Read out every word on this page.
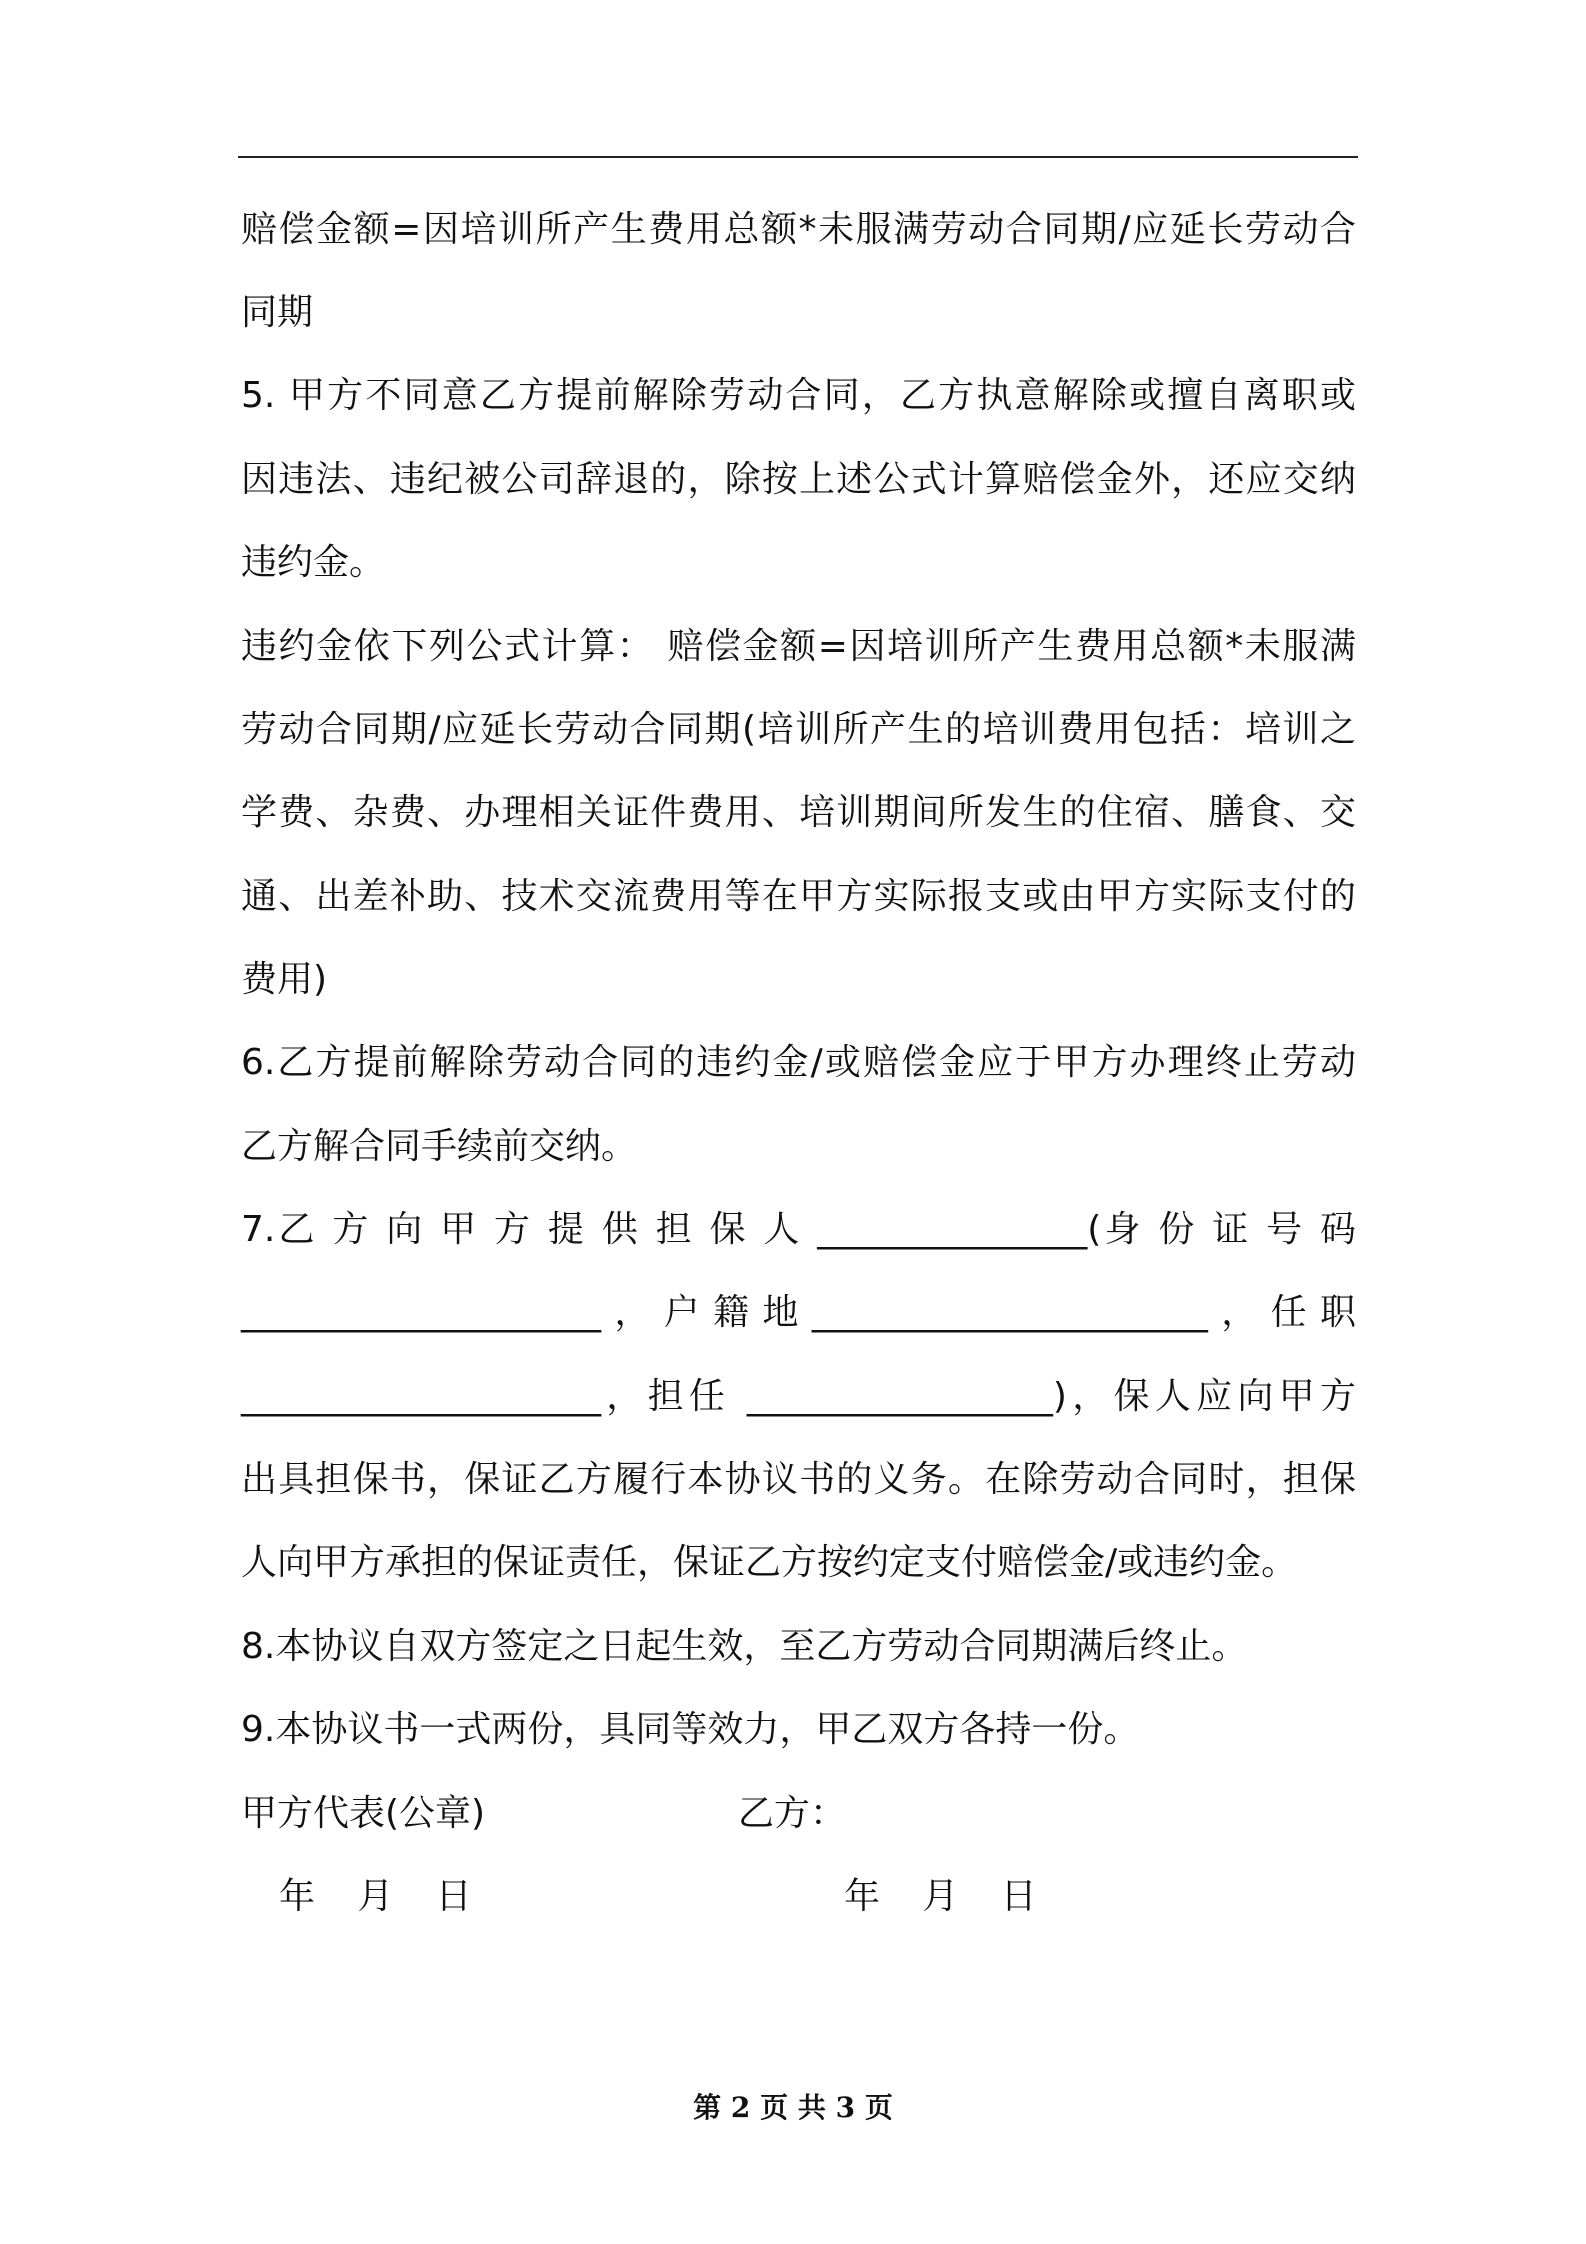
赔偿金额=因培训所产生费用总额*未服满劳动合同期/应延长劳动合
同期
5. 甲方不同意乙方提前解除劳动合同，乙方执意解除或擅自离职或
因违法、违纪被公司辞退的，除按上述公式计算赔偿金外，还应交纳
违约金。
违约金依下列公式计算： 赔偿金额=因培训所产生费用总额*未服满
劳动合同期/应延长劳动合同期(培训所产生的培训费用包括：培训之
学费、杂费、办理相关证件费用、培训期间所发生的住宿、膳食、交
通、出差补助、技术交流费用等在甲方实际报支或由甲方实际支付的
费用)
6.乙方提前解除劳动合同的违约金/或赔偿金应于甲方办理终止劳动
乙方解合同手续前交纳。
7.乙 方 向 甲 方 提 供 担 保 人 _______________(身 份 证 号 码
____________________，户籍地______________________，任职
____________________，担任 _________________)，保人应向甲方
出具担保书，保证乙方履行本协议书的义务。在除劳动合同时，担保
人向甲方承担的保证责任，保证乙方按约定支付赔偿金/或违约金。
8.本协议自双方签定之日起生效，至乙方劳动合同期满后终止。
9.本协议书一式两份，具同等效力，甲乙双方各持一份。
甲方代表(公章)	乙方：
年   月   日	年   月   日
第 2 页 共 3 页
